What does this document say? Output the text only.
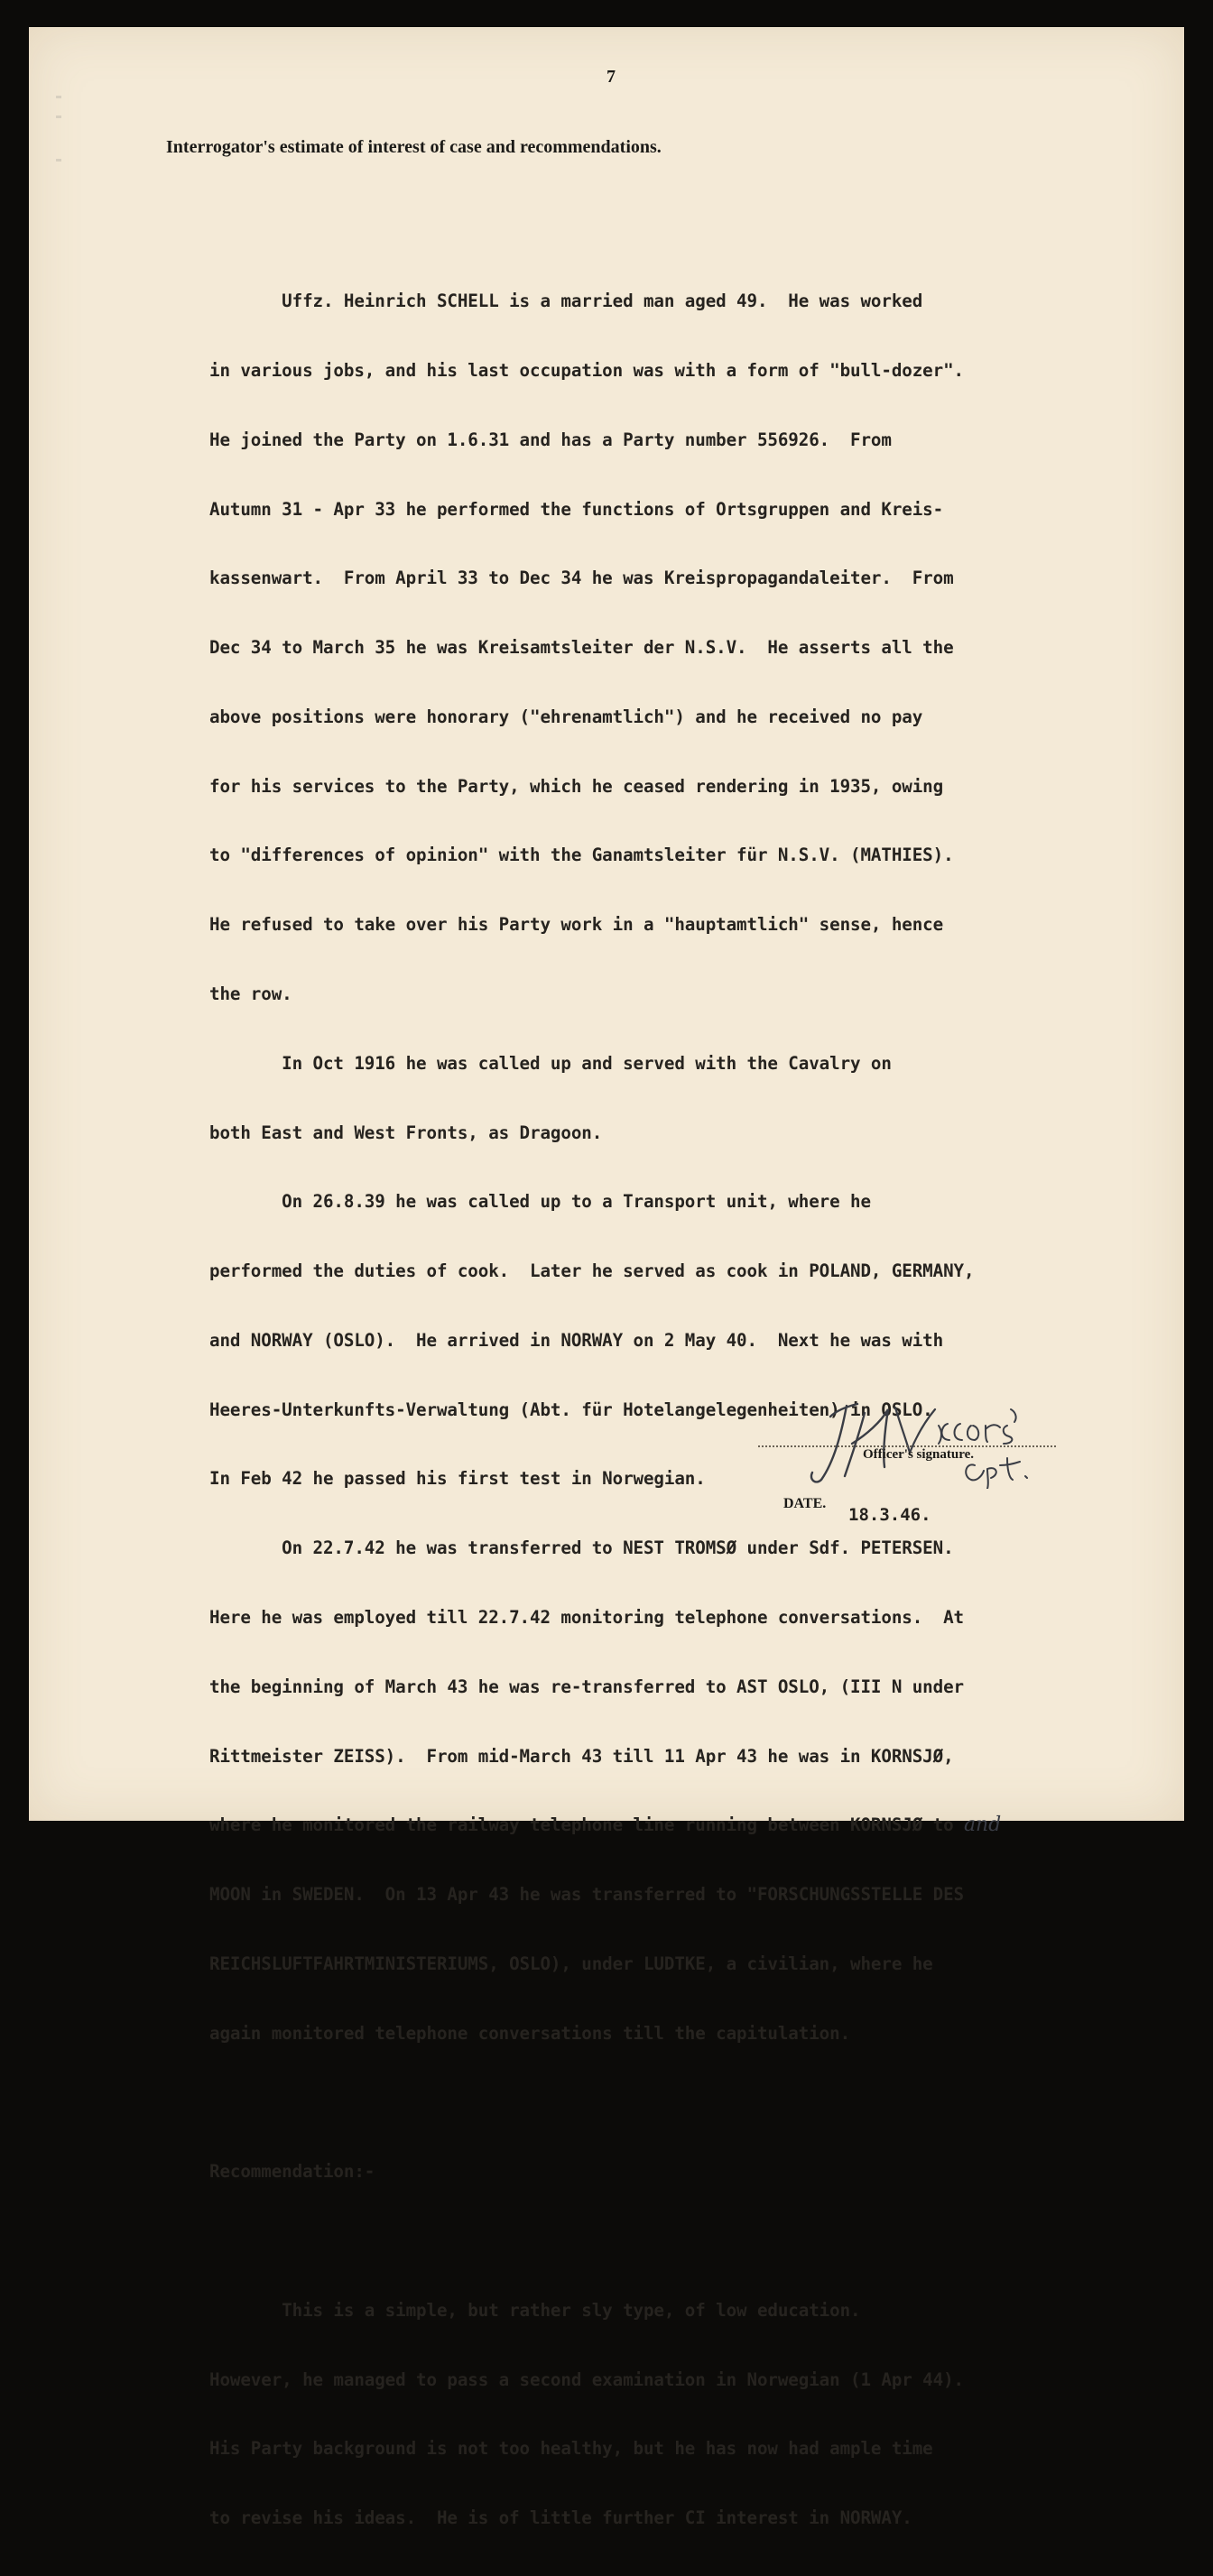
7
Interrogator's estimate of interest of case and recommendations.

Uffz. Heinrich SCHELL is a married man aged 49.  He was worked

in various jobs, and his last occupation was with a form of "bull-dozer".

He joined the Party on 1.6.31 and has a Party number 556926.  From

Autumn 31 - Apr 33 he performed the functions of Ortsgruppen and Kreis-

kassenwart.  From April 33 to Dec 34 he was Kreispropagandaleiter.  From

Dec 34 to March 35 he was Kreisamtsleiter der N.S.V.  He asserts all the

above positions were honorary ("ehrenamtlich") and he received no pay

for his services to the Party, which he ceased rendering in 1935, owing

to "differences of opinion" with the Ganamtsleiter für N.S.V. (MATHIES).

He refused to take over his Party work in a "hauptamtlich" sense, hence

the row.

In Oct 1916 he was called up and served with the Cavalry on

both East and West Fronts, as Dragoon.

On 26.8.39 he was called up to a Transport unit, where he

performed the duties of cook.  Later he served as cook in POLAND, GERMANY,

and NORWAY (OSLO).  He arrived in NORWAY on 2 May 40.  Next he was with

Heeres-Unterkunfts-Verwaltung (Abt. für Hotelangelegenheiten) in OSLO.

In Feb 42 he passed his first test in Norwegian.

On 22.7.42 he was transferred to NEST TROMSØ under Sdf. PETERSEN.

Here he was employed till 22.7.42 monitoring telephone conversations.  At

the beginning of March 43 he was re-transferred to AST OSLO, (III N under

Rittmeister ZEISS).  From mid-March 43 till 11 Apr 43 he was in KORNSJØ,

where he monitored the railway telephone line running between KORNSJØ to and

MOON in SWEDEN.  On 13 Apr 43 he was transferred to "FORSCHUNGSSTELLE DES

REICHSLUFTFAHRTMINISTERIUMS, OSLO), under LUDTKE, a civilian, where he

again monitored telephone conversations till the capitulation.

Recommendation:-

This is a simple, but rather sly type, of low education.

However, he managed to pass a second examination in Norwegian (1 Apr 44).

His Party background is not too healthy, but he has now had ample time

to revise his ideas.  He is of little further CI interest in NORWAY.

Officer's signature.
DATE.
18.3.46.
